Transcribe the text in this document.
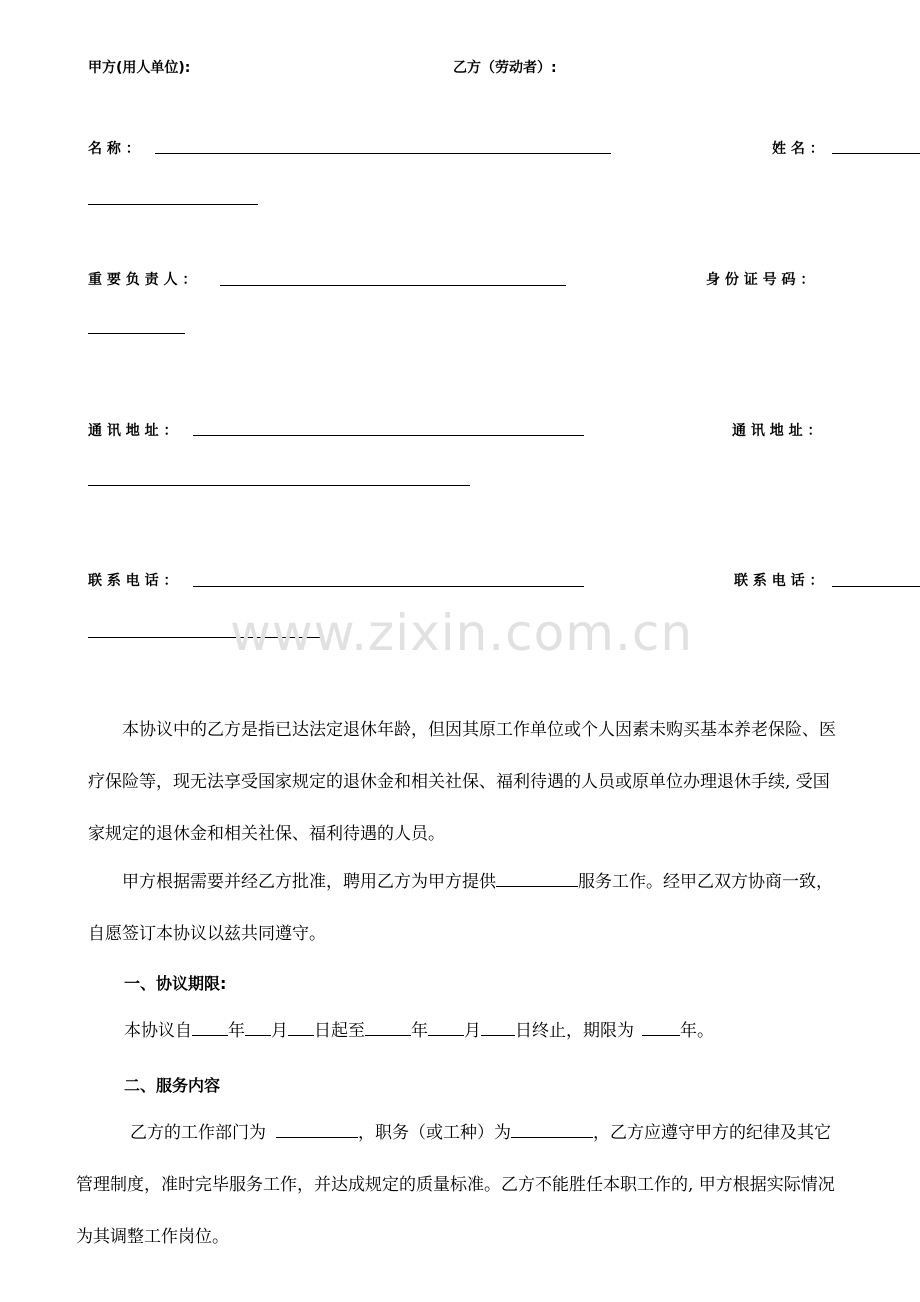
甲方(用人单位):	乙方（劳动者）:
名 称 ：	姓 名 ：
重 要 负 责 人 ：	身 份 证 号 码 ：
通 讯 地 址 ：	通 讯 地 址 ：
联 系 电 话 ：	联 系 电 话 ：
www.zixin.com.cn
本协议中的乙方是指已达法定退休年龄，但因其原工作单位或个人因素未购买基本养老保险、医疗保险等，现无法享受国家规定的退休金和相关社保、福利待遇的人员或原单位办理退休手续, 受国家规定的退休金和相关社保、福利待遇的人员。
甲方根据需要并经乙方批准，聘用乙方为甲方提供	服务工作。经甲乙双方协商一致，自愿签订本协议以兹共同遵守。
一、协议期限:
本协议自 年 月 日起至	年 月 日终止，期限为	年。
二、服务内容
乙方的工作部门为	，职务（或工种）为	，乙方应遵守甲方的纪律及其它管理制度，准时完毕服务工作，并达成规定的质量标准。乙方不能胜任本职工作的, 甲方根据实际情况为其调整工作岗位。
